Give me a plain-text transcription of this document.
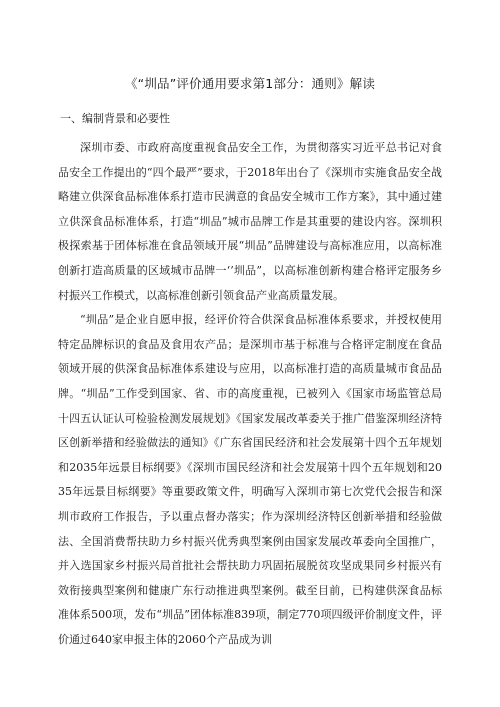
《“圳品”评价通用要求第1部分：通则》解读
一、编制背景和必要性

深圳市委、市政府高度重视食品安全工作，为贯彻落实习近平总书记对食品安全工作提出的“四个最严”要求，于2018年出台了《深圳市实施食品安全战略建立供深食品标准体系打造市民满意的食品安全城市工作方案》，其中通过建立供深食品标准体系，打造“圳品”城市品牌工作是其重要的建设内容。深圳积极探索基于团体标准在食品领域开展“圳品”品牌建设与高标准应用，以高标准创新打造高质量的区域城市品牌一‘’圳品”，以高标准创新构建合格评定服务乡村振兴工作模式，以高标准创新引领食品产业高质量发展。

“圳品”是企业自愿申报，经评价符合供深食品标准体系要求，并授权使用特定品牌标识的食品及食用农产品；是深圳市基于标准与合格评定制度在食品领域开展的供深食品标准体系建设与应用，以高标准打造的高质量城市食品品牌。“圳品”工作受到国家、省、市的高度重视，已被列入《国家市场监管总局十四五认证认可检验检测发展规划》《国家发展改革委关于推广借鉴深圳经济特区创新举措和经验做法的通知》《广东省国民经济和社会发展第十四个五年规划和2035年远景目标纲要》《深圳市国民经济和社会发展第十四个五年规划和2035年远景目标纲要》等重要政策文件，明确写入深圳市第七次党代会报告和深圳市政府工作报告，予以重点督办落实；作为深圳经济特区创新举措和经验做法、全国消费帮扶助力乡村振兴优秀典型案例由国家发展改革委向全国推广，并入选国家乡村振兴局首批社会帮扶助力巩固拓展脱贫攻坚成果同乡村振兴有效衔接典型案例和健康广东行动推进典型案例。截至目前，已构建供深食品标准体系500项，发布“圳品”团体标准839项，制定770项四级评价制度文件，评价通过640家申报主体的2060个产品成为训
